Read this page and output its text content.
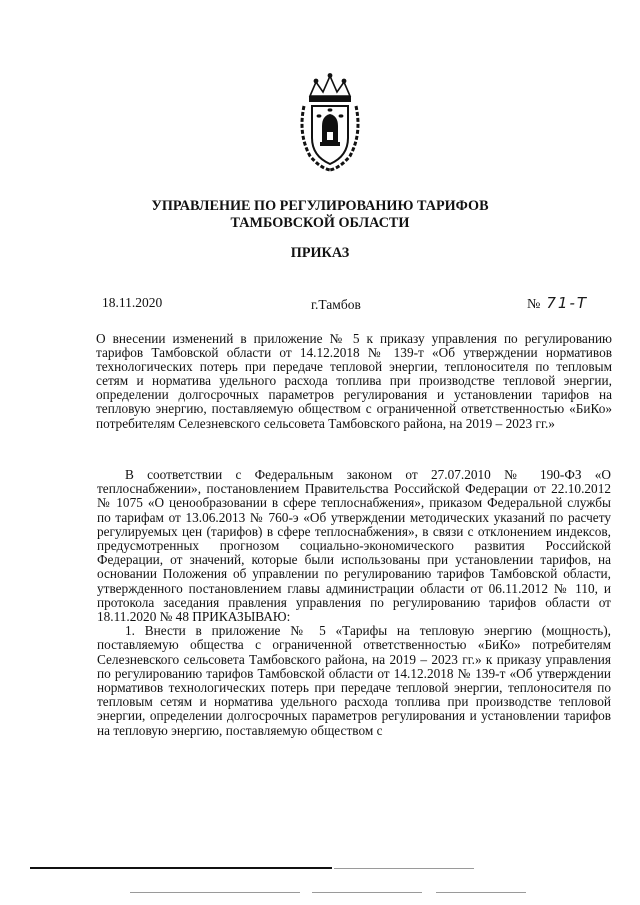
УПРАВЛЕНИЕ ПО РЕГУЛИРОВАНИЮ ТАРИФОВ
ТАМБОВСКОЙ ОБЛАСТИ
ПРИКАЗ
18.11.2020	г.Тамбов	№ 71-Т
О внесении изменений в приложение № 5 к приказу управления по регулированию тарифов Тамбовской области от 14.12.2018 № 139-т «Об утверждении нормативов технологических потерь при передаче тепловой энергии, теплоносителя по тепловым сетям и норматива удельного расхода топлива при производстве тепловой энергии, определении долгосрочных параметров регулирования и установлении тарифов на тепловую энергию, поставляемую обществом с ограниченной ответственностью «БиКо» потребителям Селезневского сельсовета Тамбовского района, на 2019 – 2023 гг.»

В соответствии с Федеральным законом от 27.07.2010 № 190-ФЗ «О теплоснабжении», постановлением Правительства Российской Федерации от 22.10.2012 № 1075 «О ценообразовании в сфере теплоснабжения», приказом Федеральной службы по тарифам от 13.06.2013 № 760-э «Об утверждении методических указаний по расчету регулируемых цен (тарифов) в сфере теплоснабжения», в связи с отклонением индексов, предусмотренных прогнозом социально-экономического развития Российской Федерации, от значений, которые были использованы при установлении тарифов, на основании Положения об управлении по регулированию тарифов Тамбовской области, утвержденного постановлением главы администрации области от 06.11.2012 № 110, и протокола заседания правления управления по регулированию тарифов области от 18.11.2020 № 48 ПРИКАЗЫВАЮ:

1. Внести в приложение № 5 «Тарифы на тепловую энергию (мощность), поставляемую общества с ограниченной ответственностью «БиКо» потребителям Селезневского сельсовета Тамбовского района, на 2019 – 2023 гг.» к приказу управления по регулированию тарифов Тамбовской области от 14.12.2018 № 139-т «Об утверждении нормативов технологических потерь при передаче тепловой энергии, теплоносителя по тепловым сетям и норматива удельного расхода топлива при производстве тепловой энергии, определении долгосрочных параметров регулирования и установлении тарифов на тепловую энергию, поставляемую обществом с
